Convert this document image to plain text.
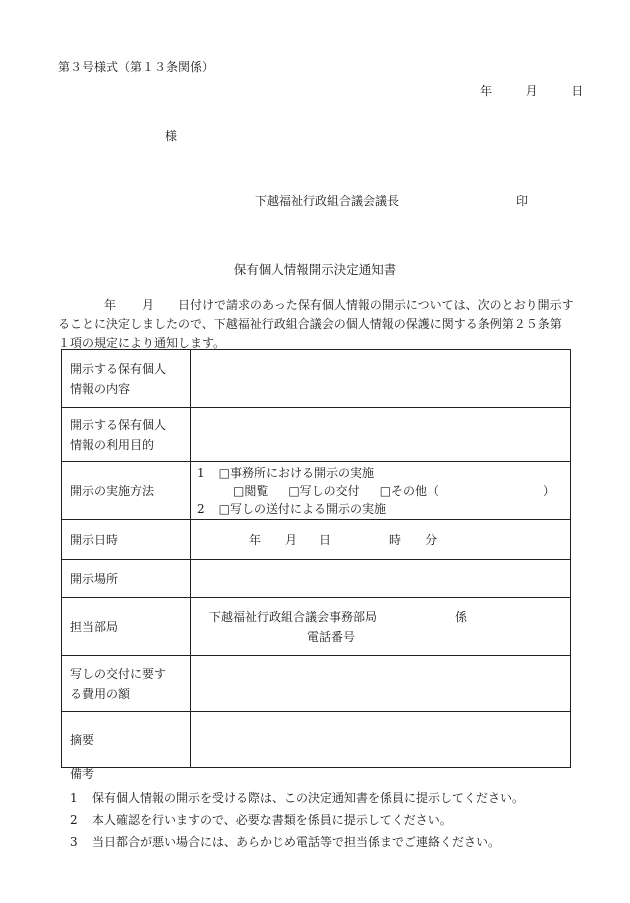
第３号様式（第１３条関係）
年	月	日
様
下越福祉行政組合議会議長	印
保有個人情報開示決定通知書
年 月 日付けで請求のあった保有個人情報の開示については、次のとおり開示す
ることに決定しましたので、下越福祉行政組合議会の個人情報の保護に関する条例第２５条第
１項の規定により通知します。
開示する保有個人
情報の内容	

開示する保有個人
情報の利用目的	

開示の実施方法	1 □事務所における開示の実施
□閲覧 □写しの交付 □その他（ ）
2 □写しの送付による開示の実施

開示日時	年 月 日 時 分
開示場所	
担当部局	下越福祉行政組合議会事務部局 係
電話番号

写しの交付に要す
る費用の額	

摘要	
備考
1 保有個人情報の開示を受ける際は、この決定通知書を係員に提示してください。
2 本人確認を行いますので、必要な書類を係員に提示してください。
3 当日都合が悪い場合には、あらかじめ電話等で担当係までご連絡ください。
